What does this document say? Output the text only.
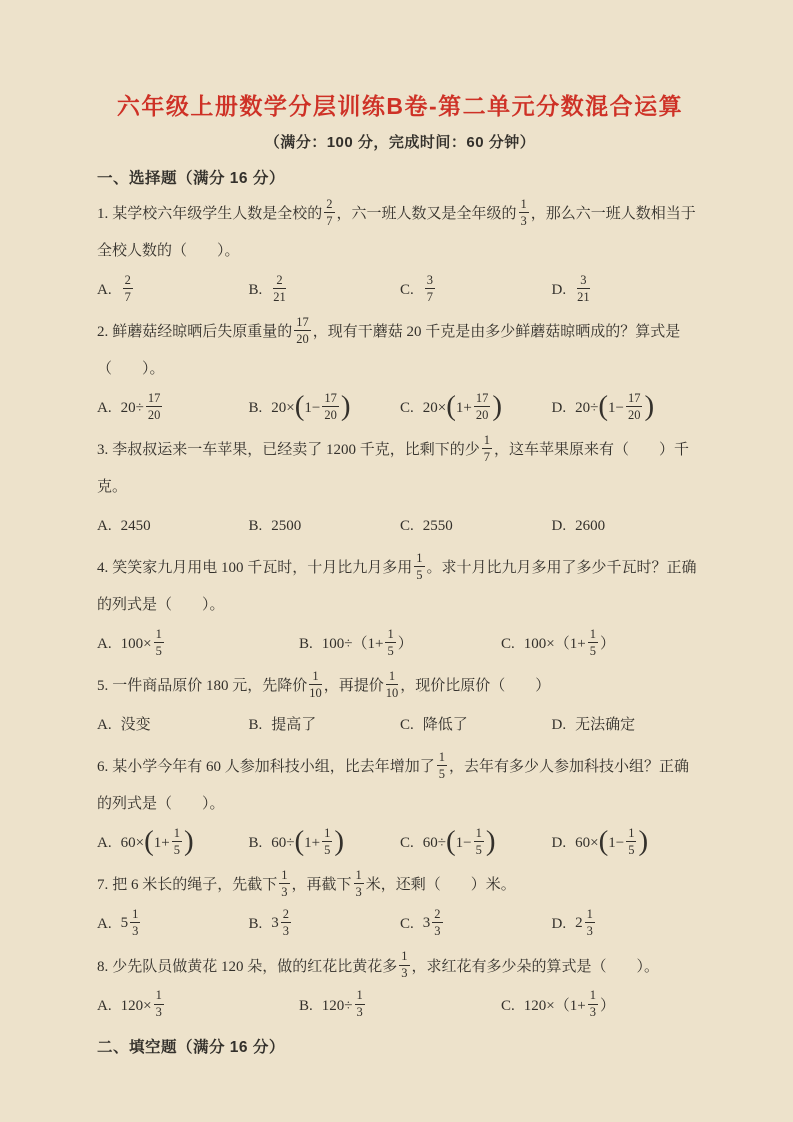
六年级上册数学分层训练B卷-第二单元分数混合运算
（满分：100 分，完成时间：60 分钟）
一、选择题（满分 16 分）
1. 某学校六年级学生人数是全校的 $\frac{2}{7}$ ，六一班人数又是全年级的 $\frac{1}{3}$ ，那么六一班人数相当于全校人数的（　　）。
A. $\frac{2}{7}$	B. $\frac{2}{21}$	C. $\frac{3}{7}$	D. $\frac{3}{21}$
2. 鲜蘑菇经晾晒后失原重量的 $\frac{17}{20}$ ，现有干蘑菇 20 千克是由多少鲜蘑菇晾晒成的？算式是（　　）。
A. $20\div \frac{17}{20}$	B. $20\times(1- \frac{17}{20}$ )	C. $20\times(1+ \frac{17}{20}$ )	D. $20\div(1- \frac{17}{20}$ )
3. 李叔叔运来一车苹果，已经卖了 1200 千克，比剩下的少 $\frac{1}{7}$ ，这车苹果原来有（　　）千克。
A. 2450	B. 2500	C. 2550	D. 2600
4. 笑笑家九月用电 100 千瓦时，十月比九月多用 $\frac{1}{5}$ 。求十月比九月多用了多少千瓦时？正确的列式是（　　）。
A. $100\times \frac{1}{5}$	B. $100\div(1+ \frac{1}{5}$ ）	C. $100\times(1+ \frac{1}{5}$ ）
5. 一件商品原价 180 元，先降价 $\frac{1}{10}$ ，再提价 $\frac{1}{10}$ ，现价比原价（　　）
A. 没变	B. 提高了	C. 降低了	D. 无法确定
6. 某小学今年有 60 人参加科技小组，比去年增加了 $\frac{1}{5}$ ，去年有多少人参加科技小组？正确的列式是（　　）。
A. $60\times(1+ \frac{1}{5}$ )	B. $60\div(1+ \frac{1}{5}$ )	C. $60\div(1- \frac{1}{5}$ )	D. $60\times(1- \frac{1}{5}$ )
7. 把 6 米长的绳子，先截下 $\frac{1}{3}$ ，再截下 $\frac{1}{3}$ 米，还剩（　　）米。
A. $5 \frac{1}{3}$	B. $3 \frac{2}{3}$	C. $3 \frac{2}{3}$	D. $2 \frac{1}{3}$
8. 少先队员做黄花 120 朵，做的红花比黄花多 $\frac{1}{3}$ ，求红花有多少朵的算式是（　　）。
A. $120\times \frac{1}{3}$	B. $120\div \frac{1}{3}$	C. $120\times(1+ \frac{1}{3}$ ）
二、填空题（满分 16 分）
